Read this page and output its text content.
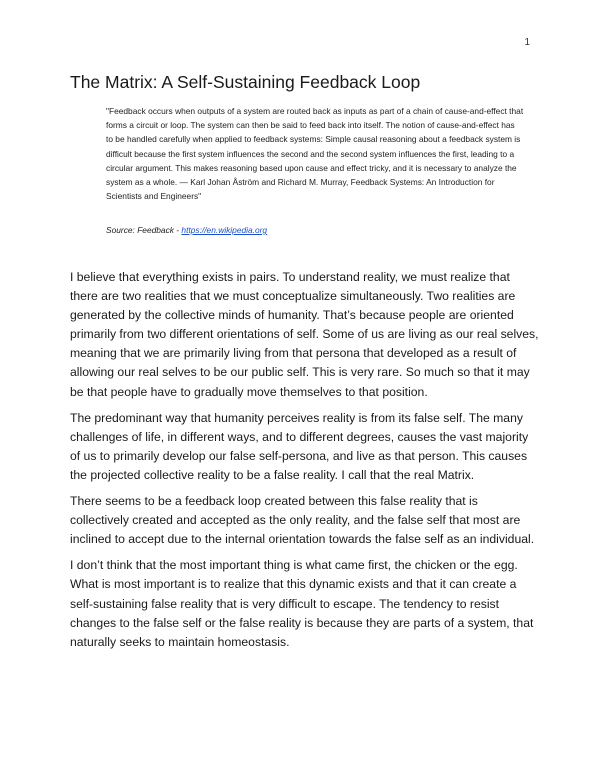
1
The Matrix: A Self-Sustaining Feedback Loop

"Feedback occurs when outputs of a system are routed back as inputs as part of a chain of cause-and-effect that forms a circuit or loop. The system can then be said to feed back into itself. The notion of cause-and-effect has to be handled carefully when applied to feedback systems: Simple causal reasoning about a feedback system is difficult because the first system influences the second and the second system influences the first, leading to a circular argument. This makes reasoning based upon cause and effect tricky, and it is necessary to analyze the system as a whole. — Karl Johan Åström and Richard M. Murray, Feedback Systems: An Introduction for Scientists and Engineers"

Source: Feedback - https://en.wikipedia.org

I believe that everything exists in pairs. To understand reality, we must realize that there are two realities that we must conceptualize simultaneously. Two realities are generated by the collective minds of humanity. That’s because people are oriented primarily from two different orientations of self. Some of us are living as our real selves, meaning that we are primarily living from that persona that developed as a result of allowing our real selves to be our public self. This is very rare. So much so that it may be that people have to gradually move themselves to that position.

The predominant way that humanity perceives reality is from its false self. The many challenges of life, in different ways, and to different degrees, causes the vast majority of us to primarily develop our false self-persona, and live as that person. This causes the projected collective reality to be a false reality. I call that the real Matrix.

There seems to be a feedback loop created between this false reality that is collectively created and accepted as the only reality, and the false self that most are inclined to accept due to the internal orientation towards the false self as an individual.

I don’t think that the most important thing is what came first, the chicken or the egg. What is most important is to realize that this dynamic exists and that it can create a self-sustaining false reality that is very difficult to escape. The tendency to resist changes to the false self or the false reality is because they are parts of a system, that naturally seeks to maintain homeostasis.
